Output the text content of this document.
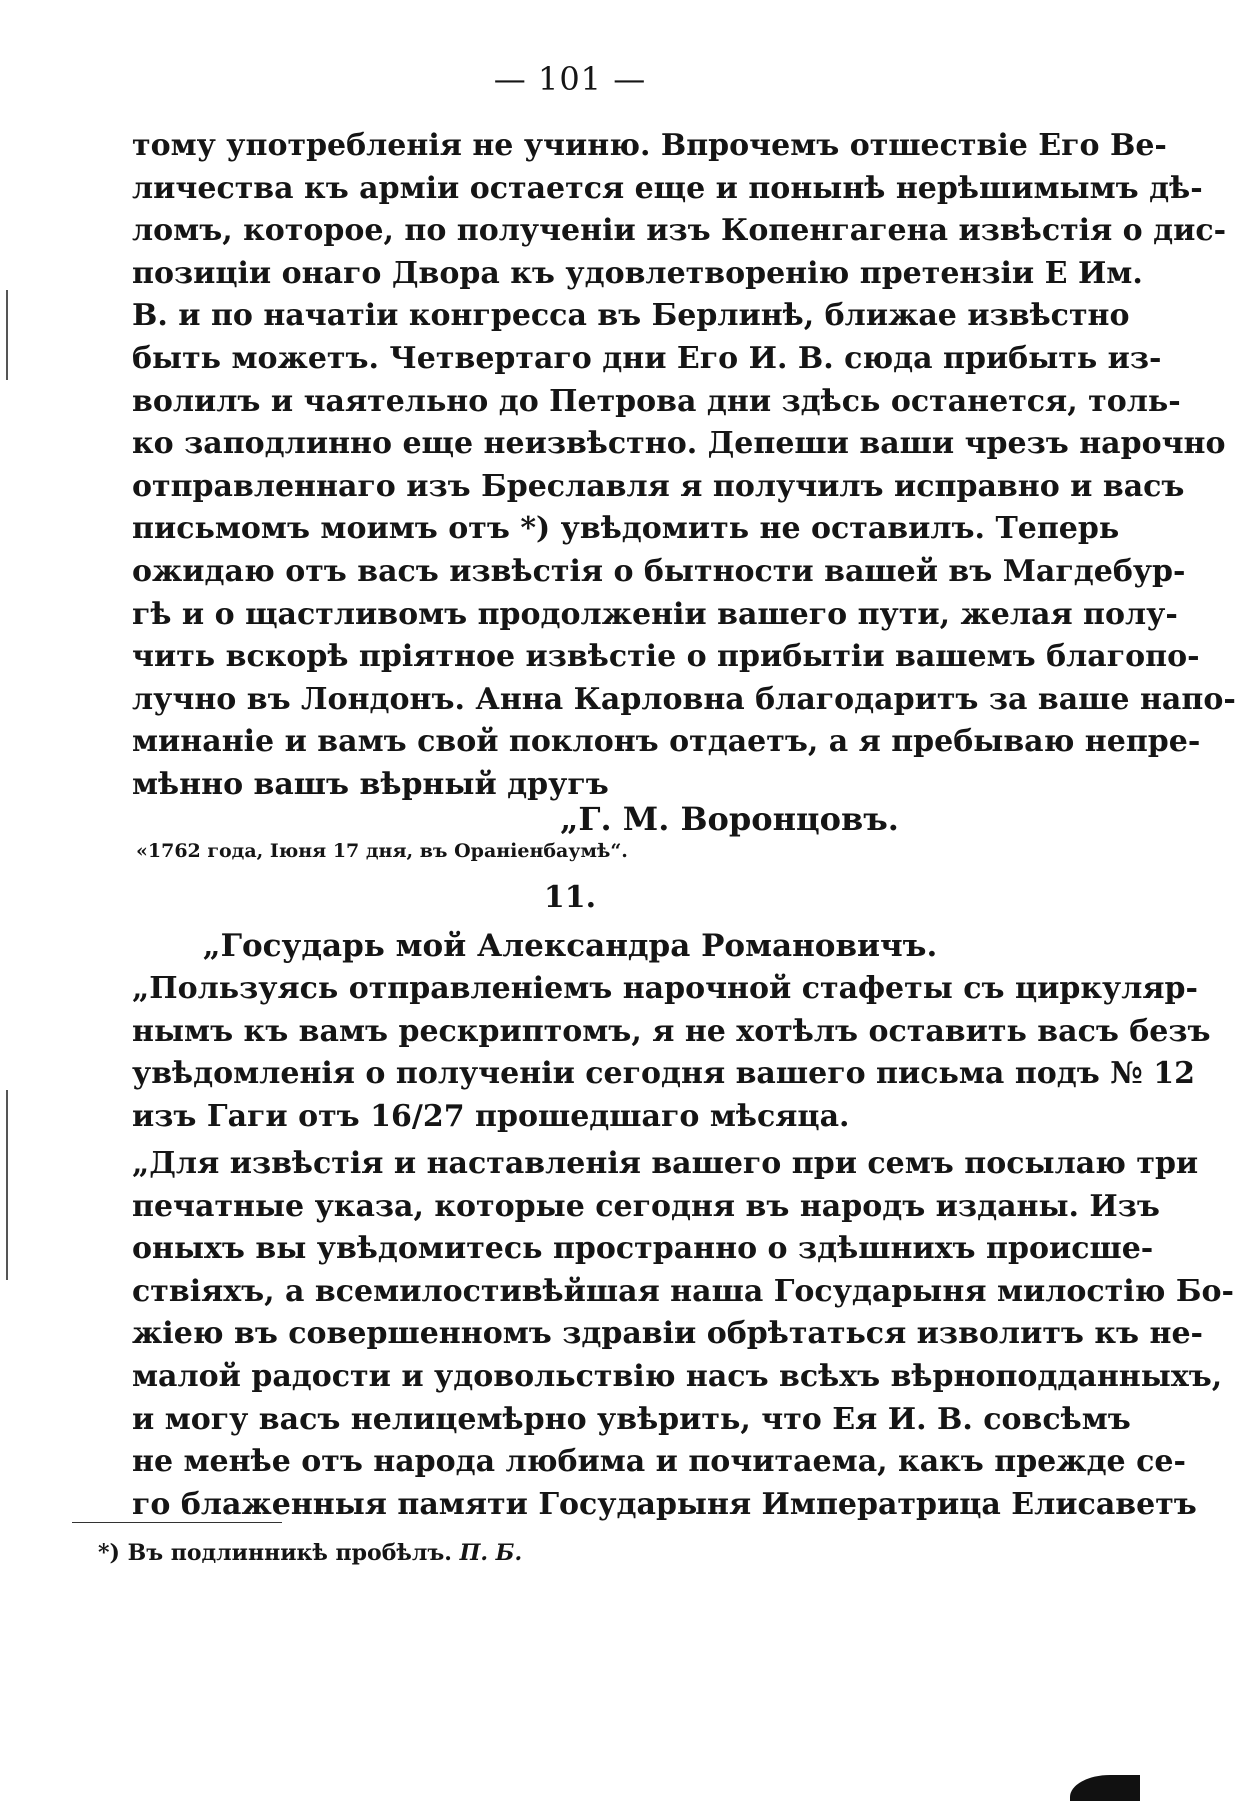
— 101 —

тому употребленія не учиню. Впрочемъ отшествіе Его Ве-
личества къ арміи остается еще и понынѣ нерѣшимымъ дѣ-
ломъ, которое, по полученіи изъ Копенгагена извѣстія о дис-
позиціи онаго Двора къ удовлетворенію претензіи Е Им.
В. и по начатіи конгресса въ Берлинѣ, ближае извѣстно
быть можетъ. Четвертаго дни Его И. В. сюда прибыть из-
волилъ и чаятельно до Петрова дни здѣсь останется, толь-
ко заподлинно еще неизвѣстно. Депеши ваши чрезъ нарочно
отправленнаго изъ Бреславля я получилъ исправно и васъ
письмомъ моимъ отъ *) увѣдомить не оставилъ. Теперь
ожидаю отъ васъ извѣстія о бытности вашей въ Магдебур-
гѣ и о щастливомъ продолженіи вашего пути, желая полу-
чить вскорѣ пріятное извѣстіе о прибытіи вашемъ благопо-
лучно въ Лондонъ. Анна Карловна благодаритъ за ваше напо-
минаніе и вамъ свой поклонъ отдаетъ, а я пребываю непре-
мѣнно вашъ вѣрный другъ

„Г. М. Воронцовъ.
«1762 года, Іюня 17 дня, въ Ораніенбаумѣ“.
11.
„Государь мой Александра Романовичъ.

„Пользуясь отправленіемъ нарочной стафеты съ циркуляр-
нымъ къ вамъ рескриптомъ, я не хотѣлъ оставить васъ безъ
увѣдомленія о полученіи сегодня вашего письма подъ № 12
изъ Гаги отъ 16/27 прошедшаго мѣсяца.

„Для извѣстія и наставленія вашего при семъ посылаю три
печатные указа, которые сегодня въ народъ изданы. Изъ
оныхъ вы увѣдомитесь пространно о здѣшнихъ происше-
ствіяхъ, а всемилостивѣйшая наша Государыня милостію Бо-
жіею въ совершенномъ здравіи обрѣтаться изволитъ къ не-
малой радости и удовольствію насъ всѣхъ вѣрноподданныхъ,
и могу васъ нелицемѣрно увѣрить, что Ея И. В. совсѣмъ
не менѣе отъ народа любима и почитаема, какъ прежде се-
го блаженныя памяти Государыня Императрица Елисаветъ

*) Въ подлинникѣ пробѣлъ. П. Б.
